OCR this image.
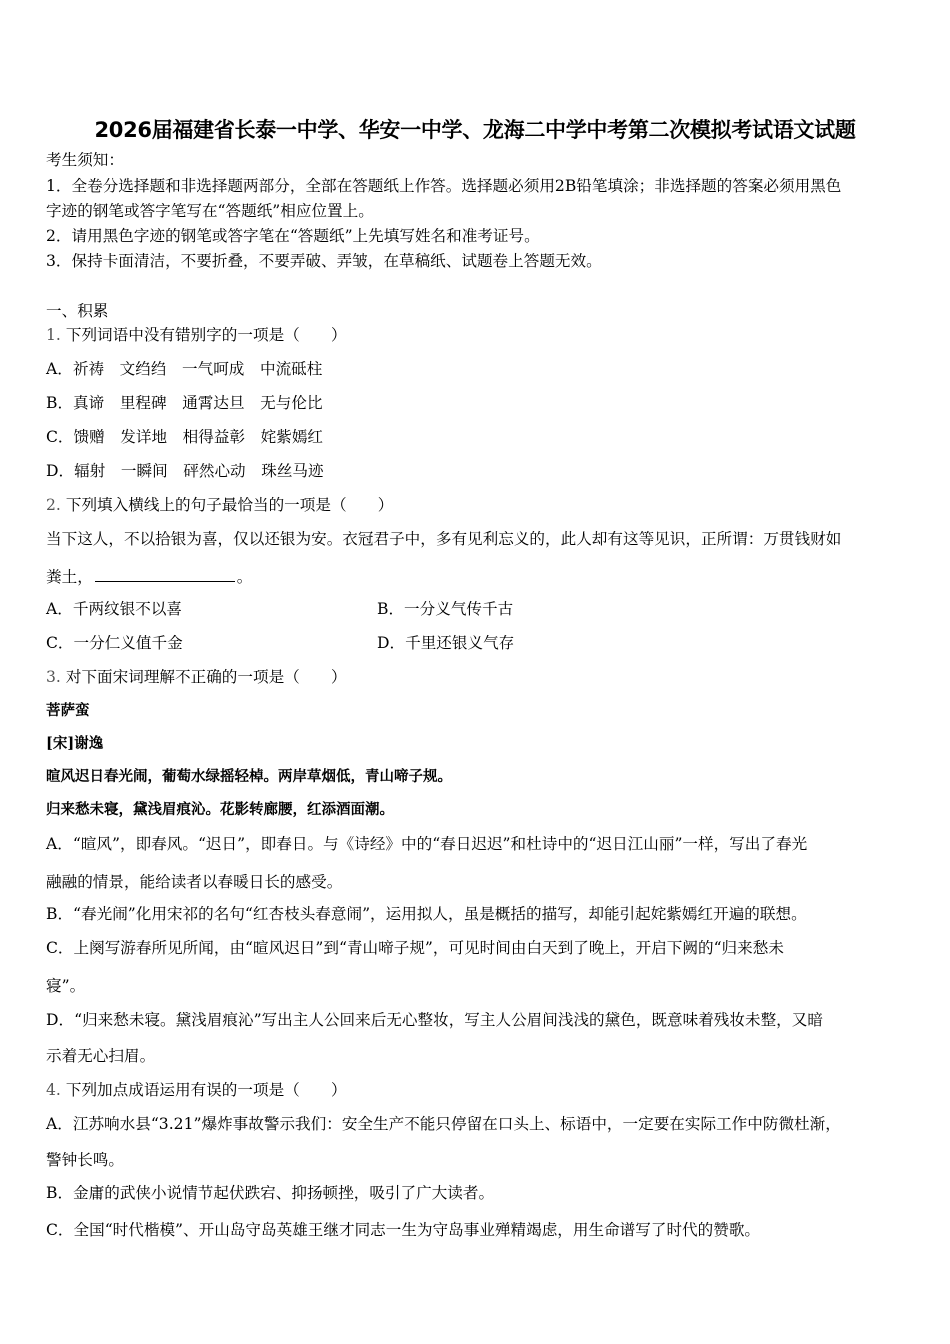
2026届福建省长泰一中学、华安一中学、龙海二中学中考第二次模拟考试语文试题
考生须知：
1．全卷分选择题和非选择题两部分，全部在答题纸上作答。选择题必须用2B铅笔填涂；非选择题的答案必须用黑色
字迹的钢笔或答字笔写在“答题纸”相应位置上。
2．请用黑色字迹的钢笔或答字笔在“答题纸”上先填写姓名和准考证号。
3．保持卡面清洁，不要折叠，不要弄破、弄皱，在草稿纸、试题卷上答题无效。
一、积累
1. 下列词语中没有错别字的一项是（　　）
A．祈祷　文绉绉　一气呵成　中流砥柱
B．真谛　里程碑　通霄达旦　无与伦比
C．馈赠　发详地　相得益彰　姹紫嫣红
D．辐射　一瞬间　砰然心动　珠丝马迹
2. 下列填入横线上的句子最恰当的一项是（　　）
当下这人，不以拾银为喜，仅以还银为安。衣冠君子中，多有见利忘义的，此人却有这等见识，正所谓：万贯钱财如
粪土，	。
A．千两纹银不以喜	B．一分义气传千古
C．一分仁义值千金	D．千里还银义气存
3. 对下面宋词理解不正确的一项是（　　）
菩萨蛮
[宋]谢逸
暄风迟日春光闹，葡萄水绿摇轻棹。两岸草烟低，青山啼子规。
归来愁未寝，黛浅眉痕沁。花影转廊腰，红添酒面潮。
A．“暄风”，即春风。“迟日”，即春日。与《诗经》中的“春日迟迟”和杜诗中的“迟日江山丽”一样，写出了春光
融融的情景，能给读者以春暖日长的感受。
B．“春光闹”化用宋祁的名句“红杏枝头春意闹”，运用拟人，虽是概括的描写，却能引起姹紫嫣红开遍的联想。
C．上阕写游春所见所闻，由“暄风迟日”到“青山啼子规”，可见时间由白天到了晚上，开启下阙的“归来愁未
寝”。
D．“归来愁未寝。黛浅眉痕沁”写出主人公回来后无心整妆，写主人公眉间浅浅的黛色，既意味着残妆未整，又暗
示着无心扫眉。
4. 下列加点成语运用有误的一项是（　　）
A．江苏响水县“3.21”爆炸事故警示我们：安全生产不能只停留在口头上、标语中，一定要在实际工作中防微杜渐，
警钟长鸣。
B．金庸的武侠小说情节起伏跌宕、抑扬顿挫，吸引了广大读者。
C．全国“时代楷模”、开山岛守岛英雄王继才同志一生为守岛事业殚精竭虑，用生命谱写了时代的赞歌。
